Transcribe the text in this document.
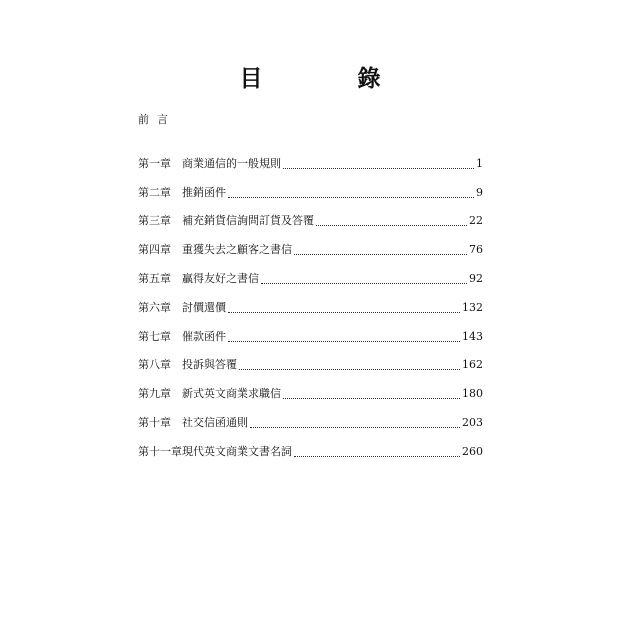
目　錄
前言
第一章	商業通信的一般規則	1
第二章	推銷函件	9
第三章	補充銷貨信詢問訂貨及答覆	22
第四章	重獲失去之顧客之書信	76
第五章	贏得友好之書信	92
第六章	討價還價	132
第七章	催款函件	143
第八章	投訴與答覆	162
第九章	新式英文商業求職信	180
第十章	社交信函通則	203
第十一章 現代英文商業文書名詞	260
